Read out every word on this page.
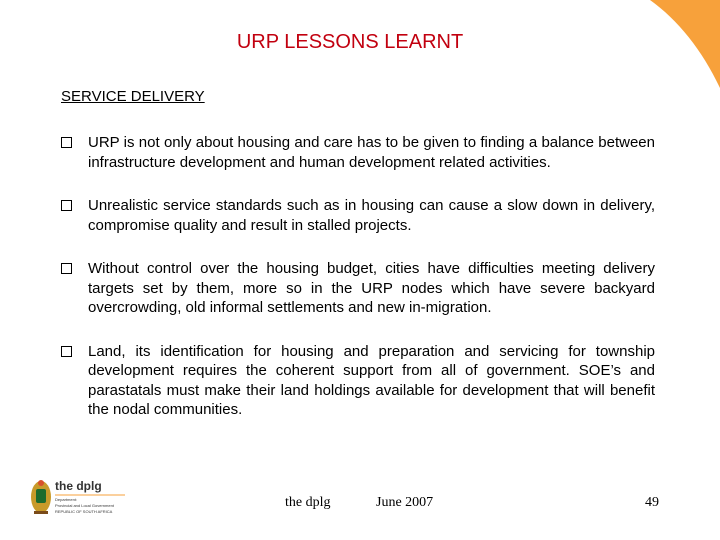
URP LESSONS LEARNT
SERVICE DELIVERY
URP is not only about housing and care has to be given to finding a balance between infrastructure development and human development related activities.
Unrealistic service standards such as in housing can cause a slow down in delivery, compromise quality and result in stalled projects.
Without control over the housing budget, cities have difficulties meeting delivery targets set by them, more so in the URP nodes which have severe backyard overcrowding, old informal settlements and new in-migration.
Land, its identification for housing and preparation and servicing for township development requires the coherent support from all of government. SOE’s and parastatals must make their land holdings available for development that will benefit the nodal communities.
the dplg
Department:
Provincial and Local Government
REPUBLIC OF SOUTH AFRICA
the dplg	June 2007	49
